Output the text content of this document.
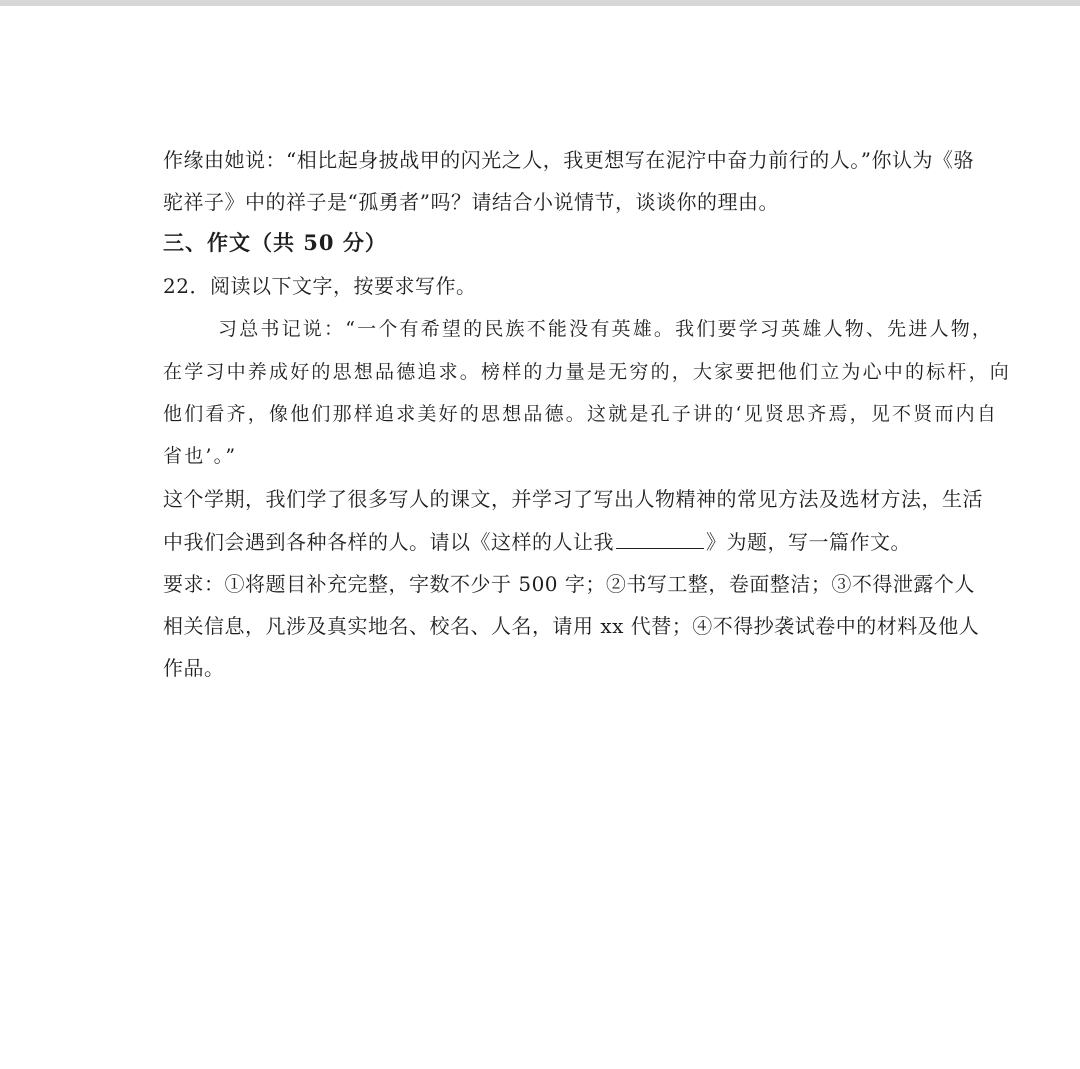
作缘由她说：“相比起身披战甲的闪光之人，我更想写在泥泞中奋力前行的人。”你认为《骆
驼祥子》中的祥子是“孤勇者”吗？请结合小说情节，谈谈你的理由。
三、作文（共 50 分）
22．阅读以下文字，按要求写作。
习总书记说：“一个有希望的民族不能没有英雄。我们要学习英雄人物、先进人物，
在学习中养成好的思想品德追求。榜样的力量是无穷的，大家要把他们立为心中的标杆，向
他们看齐，像他们那样追求美好的思想品德。这就是孔子讲的‘见贤思齐焉，见不贤而内自
省也’。”
这个学期，我们学了很多写人的课文，并学习了写出人物精神的常见方法及选材方法，生活
中我们会遇到各种各样的人。请以《这样的人让我	》为题，写一篇作文。
要求：①将题目补充完整，字数不少于 500 字；②书写工整，卷面整洁；③不得泄露个人
相关信息，凡涉及真实地名、校名、人名，请用 xx 代替；④不得抄袭试卷中的材料及他人
作品。
